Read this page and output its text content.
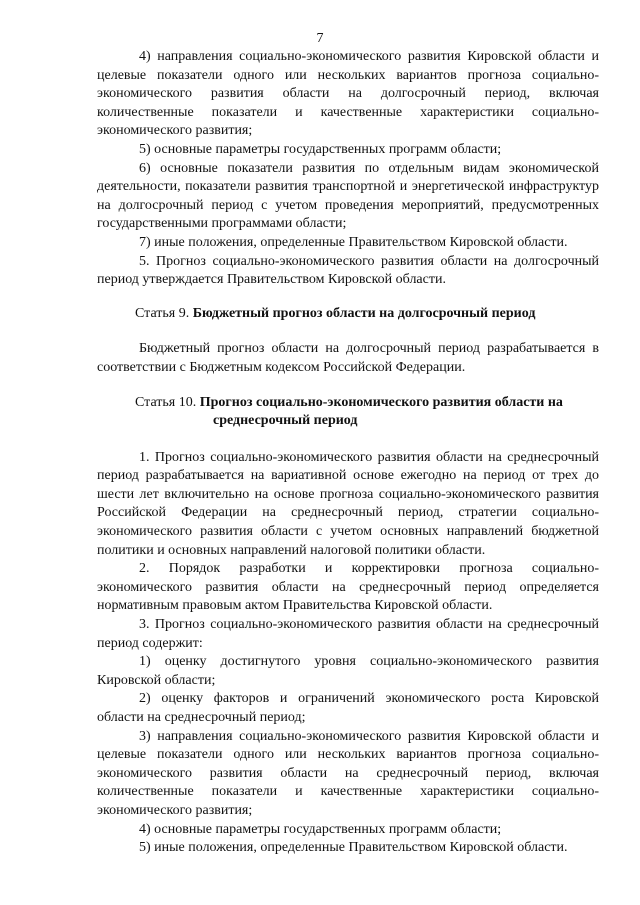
7

4) направления социально-экономического развития Кировской области и целевые показатели одного или нескольких вариантов прогноза социально-экономического развития области на долгосрочный период, включая количественные показатели и качественные характеристики социально-экономического развития;

5) основные параметры государственных программ области;

6) основные показатели развития по отдельным видам экономической деятельности, показатели развития транспортной и энергетической инфраструктур на долгосрочный период с учетом проведения мероприятий, предусмотренных государственными программами области;

7) иные положения, определенные Правительством Кировской области.

5. Прогноз социально-экономического развития области на долгосрочный период утверждается Правительством Кировской области.

Статья 9. Бюджетный прогноз области на долгосрочный период

Бюджетный прогноз области на долгосрочный период разрабатывается в соответствии с Бюджетным кодексом Российской Федерации.

Статья 10. Прогноз социально-экономического развития области на
среднесрочный период

1. Прогноз социально-экономического развития области на среднесрочный период разрабатывается на вариативной основе ежегодно на период от трех до шести лет включительно на основе прогноза социально-экономического развития Российской Федерации на среднесрочный период, стратегии социально-экономического развития области с учетом основных направлений бюджетной политики и основных направлений налоговой политики области.

2. Порядок разработки и корректировки прогноза социально-экономического развития области на среднесрочный период определяется нормативным правовым актом Правительства Кировской области.

3. Прогноз социально-экономического развития области на среднесрочный период содержит:

1) оценку достигнутого уровня социально-экономического развития Кировской области;

2) оценку факторов и ограничений экономического роста Кировской области на среднесрочный период;

3) направления социально-экономического развития Кировской области и целевые показатели одного или нескольких вариантов прогноза социально-экономического развития области на среднесрочный период, включая количественные показатели и качественные характеристики социально-экономического развития;

4) основные параметры государственных программ области;

5) иные положения, определенные Правительством Кировской области.
